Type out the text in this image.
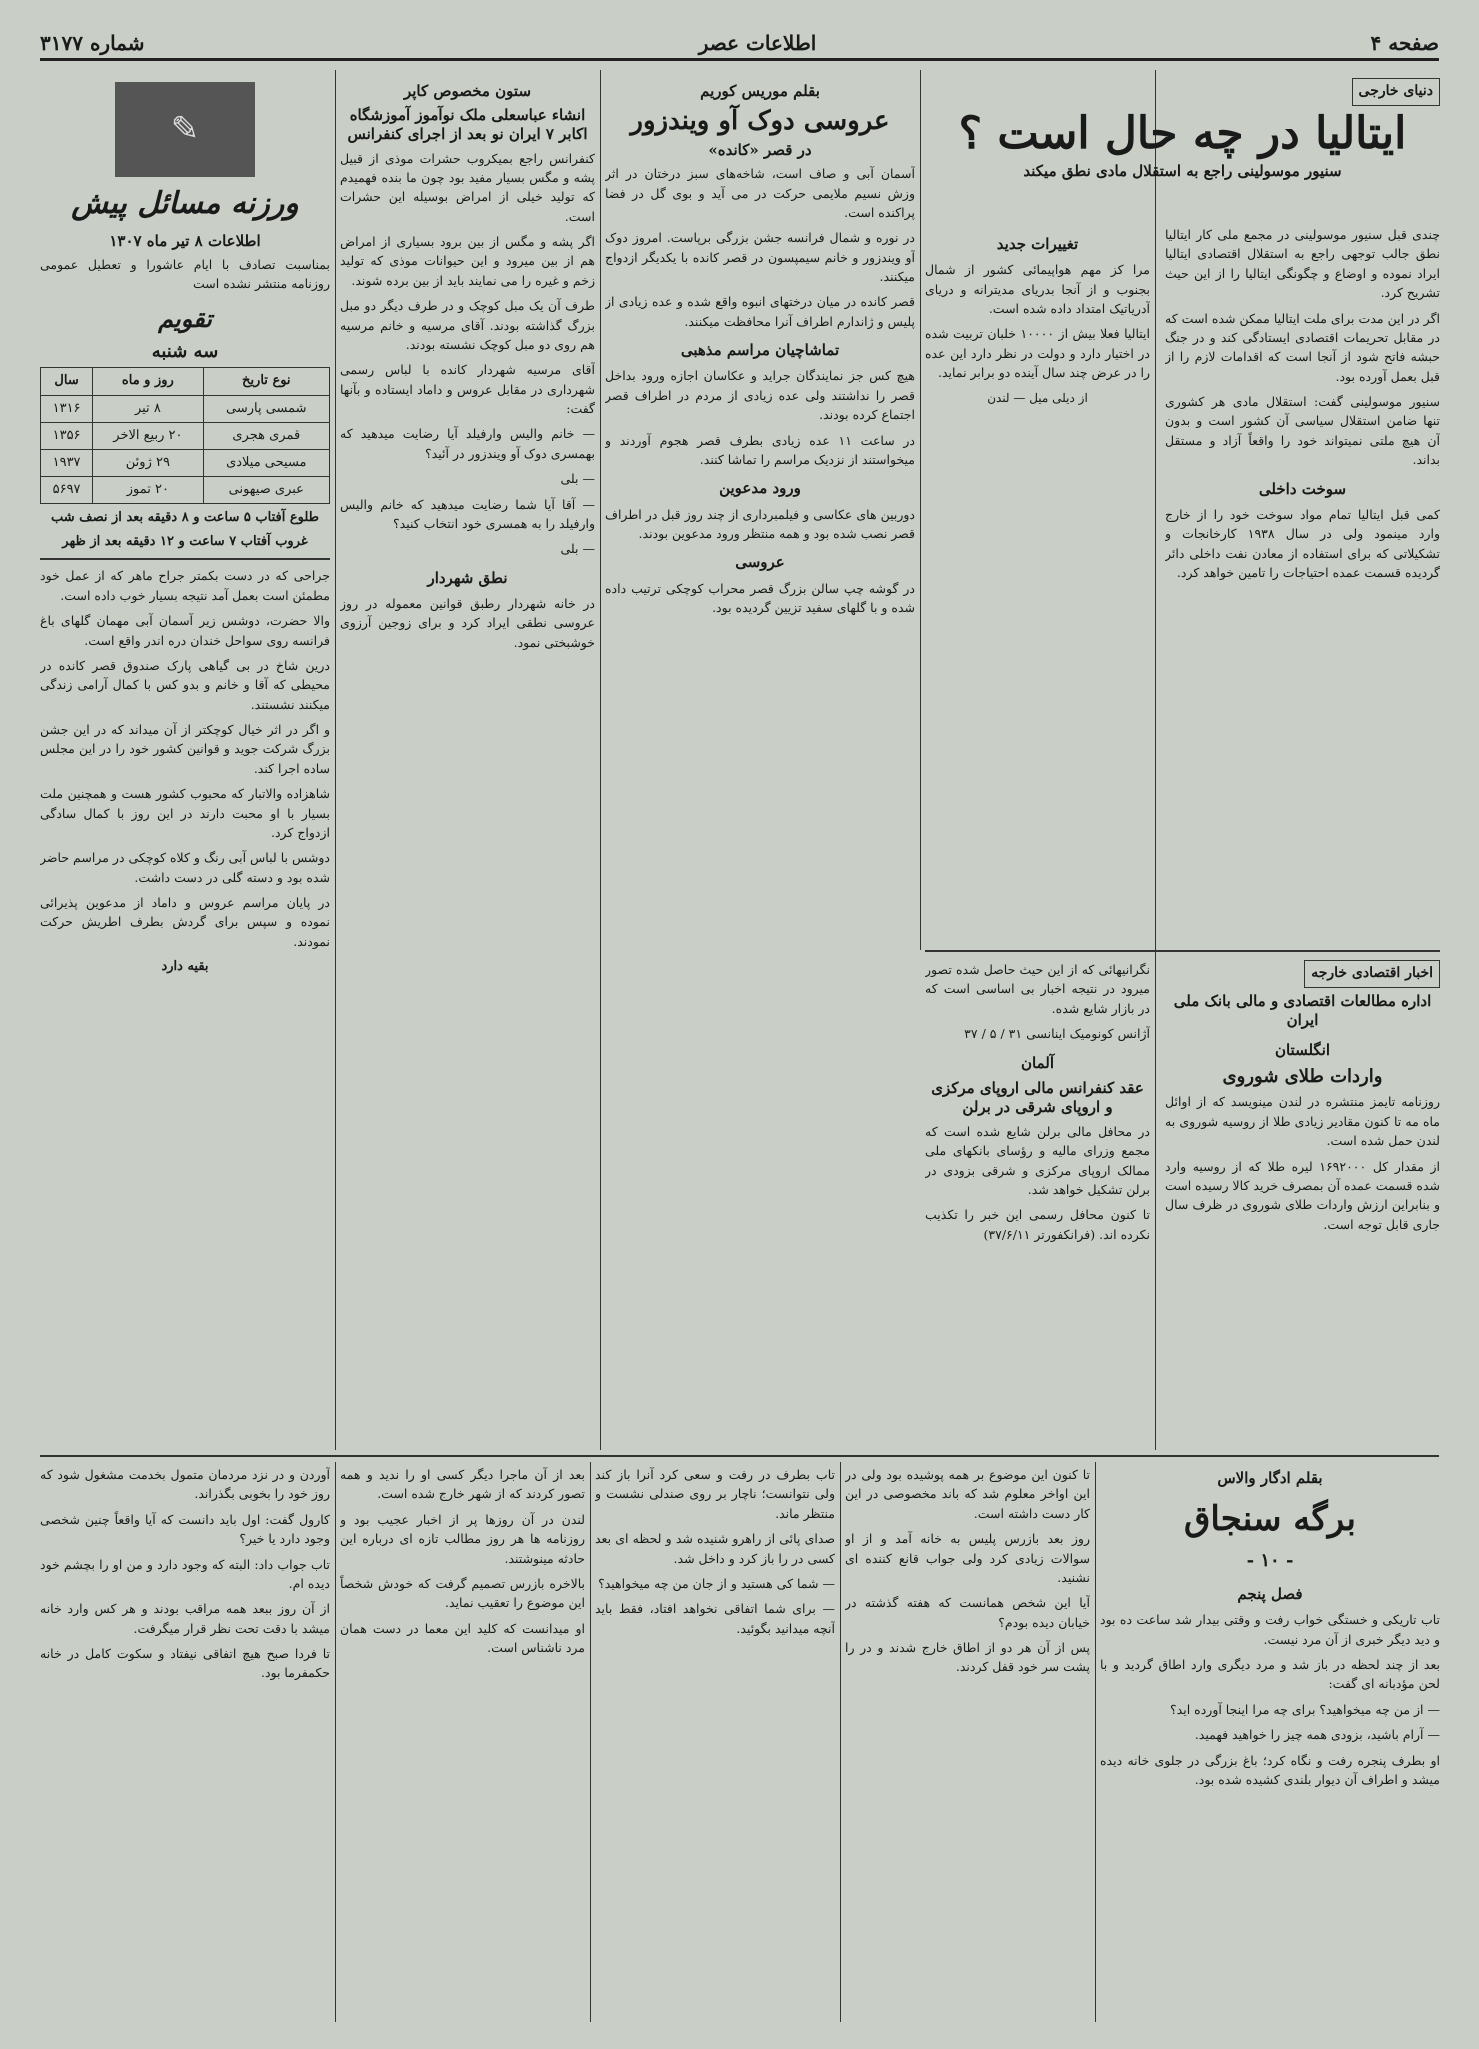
صفحه ۴
اطلاعات عصر
شماره ۳۱۷۷
دنیای خارجی
ایتالیا در چه حال است ؟
سنیور موسولینی راجع به استقلال مادی نطق میکند

چندی قبل سنیور موسولینی در مجمع ملی کار ایتالیا نطق جالب توجهی راجع به استقلال اقتصادی ایتالیا ایراد نموده و اوضاع و چگونگی ایتالیا را از این حیث تشریح کرد.

اگر در این مدت برای ملت ایتالیا ممکن شده است که در مقابل تحریمات اقتصادی ایستادگی کند و در جنگ حبشه فاتح شود از آنجا است که اقدامات لازم را از قبل بعمل آورده بود.

سنیور موسولینی گفت: استقلال مادی هر کشوری تنها ضامن استقلال سیاسی آن کشور است و بدون آن هیچ ملتی نمیتواند خود را واقعاً آزاد و مستقل بداند.

سوخت داخلی

کمی قبل ایتالیا تمام مواد سوخت خود را از خارج وارد مینمود ولی در سال ۱۹۳۸ کارخانجات و تشکیلاتی که برای استفاده از معادن نفت داخلی دائر گردیده قسمت عمده احتیاجات را تامین خواهد کرد.

تغییرات جدید

مرا کز مهم هواپیمائی کشور از شمال بجنوب و از آنجا بدریای مدیترانه و دریای آدریاتیک امتداد داده شده است.

ایتالیا فعلا بیش از ۱۰۰۰۰ خلبان تربیت شده در اختیار دارد و دولت در نظر دارد این عده را در عرض چند سال آینده دو برابر نماید.

از دیلی میل — لندن
اخبار اقتصادی خارجه
اداره مطالعات اقتصادی و مالی بانک ملی ایران
انگلستان
واردات طلای شوروی

روزنامه تایمز منتشره در لندن مینویسد که از اوائل ماه مه تا کنون مقادیر زیادی طلا از روسیه شوروی به لندن حمل شده است.

از مقدار کل ۱۶۹۲۰۰۰ لیره طلا که از روسیه وارد شده قسمت عمده آن بمصرف خرید کالا رسیده است و بنابراین ارزش واردات طلای شوروی در ظرف سال جاری قابل توجه است.

نگرانیهائی که از این حیث حاصل شده تصور میرود در نتیجه اخبار بی اساسی است که در بازار شایع شده.

آژانس کونومیک اینانسی ۳۱ / ۵ / ۳۷

آلمان
عقد کنفرانس مالی اروپای مرکزی و اروپای شرقی در برلن

در محافل مالی برلن شایع شده است که مجمع وزرای مالیه و رؤسای بانکهای ملی ممالک اروپای مرکزی و شرقی بزودی در برلن تشکیل خواهد شد.

تا کنون محافل رسمی این خبر را تکذیب نکرده اند. (فرانکفورتر ۳۷/۶/۱۱)

بقلم موریس کوریم
عروسی دوک آو ویندزور
در قصر «کانده»

آسمان آبی و صاف است، شاخه‌های سبز درختان در اثر وزش نسیم ملایمی حرکت در می آید و بوی گل در فضا پراکنده است.

در نوره و شمال فرانسه جشن بزرگی برپاست. امروز دوک آو ویندزور و خانم سیمپسون در قصر کانده با یکدیگر ازدواج میکنند.

قصر کانده در میان درختهای انبوه واقع شده و عده زیادی از پلیس و ژاندارم اطراف آنرا محافظت میکنند.

تماشاچیان مراسم مذهبی

هیچ کس جز نمایندگان جراید و عکاسان اجازه ورود بداخل قصر را نداشتند ولی عده زیادی از مردم در اطراف قصر اجتماع کرده بودند.

در ساعت ۱۱ عده زیادی بطرف قصر هجوم آوردند و میخواستند از نزدیک مراسم را تماشا کنند.

ورود مدعوین

دوربین های عکاسی و فیلمبرداری از چند روز قبل در اطراف قصر نصب شده بود و همه منتظر ورود مدعوین بودند.

عروسی

در گوشه چپ سالن بزرگ قصر محراب کوچکی ترتیب داده شده و با گلهای سفید تزیین گردیده بود.

ستون مخصوص کاپر
انشاء عباسعلی ملک نوآموز آموزشگاه اکابر ۷ ایران نو بعد از اجرای کنفرانس

کنفرانس راجع بمیکروب حشرات موذی از قبیل پشه و مگس بسیار مفید بود چون ما بنده فهمیدم که تولید خیلی از امراض بوسیله این حشرات است.

اگر پشه و مگس از بین برود بسیاری از امراض هم از بین میرود و این حیوانات موذی که تولید زخم و غیره را می نمایند باید از بین برده شوند.

طرف آن یک مبل کوچک و در طرف دیگر دو مبل بزرگ گذاشته بودند. آقای مرسیه و خانم مرسیه هم روی دو مبل کوچک نشسته بودند.

آقای مرسیه شهردار کانده با لباس رسمی شهرداری در مقابل عروس و داماد ایستاده و بآنها گفت:

— خانم والیس وارفیلد آیا رضایت میدهید که بهمسری دوک آو ویندزور در آئید؟

— بلی

— آقا آیا شما رضایت میدهید که خانم والیس وارفیلد را به همسری خود انتخاب کنید؟

— بلی

نطق شهردار

در خانه شهردار رطبق قوانین معموله در روز عروسی نطقی ایراد کرد و برای زوجین آرزوی خوشبختی نمود.

✎
ورزنه مسائل پیش
اطلاعات ۸ تیر ماه ۱۳۰۷

بمناسبت تصادف با ایام عاشورا و تعطیل عمومی روزنامه منتشر نشده است

تقویم
سه شنبه
نوع تاریخ	روز و ماه	سال
شمسی پارسی	۸ تیر	۱۳۱۶
قمری هجری	۲۰ ربیع الاخر	۱۳۵۶
مسیحی میلادی	۲۹ ژوئن	۱۹۳۷
عبری صیهونی	۲۰ تموز	۵۶۹۷
طلوع آفتاب ۵ ساعت و ۸ دقیقه بعد از نصف شب
غروب آفتاب ۷ ساعت و ۱۲ دقیقه بعد از ظهر

جراحی که در دست بکمتر جراح ماهر که از عمل خود مطمئن است بعمل آمد نتیجه بسیار خوب داده است.

والا حضرت، دوشس زیر آسمان آبی مهمان گلهای باغ فرانسه روی سواحل خندان دره اندر واقع است.

درین شاخ در بی گیاهی پارک صندوق قصر کانده در محیطی که آقا و خانم و بدو کس با کمال آرامی زندگی میکنند نشستند.

و اگر در اثر خیال کوچکتر از آن میداند که در این جشن بزرگ شرکت جوید و قوانین کشور خود را در این مجلس ساده اجرا کند.

شاهزاده والاتبار که محبوب کشور هست و همچنین ملت بسیار با او محبت دارند در این روز با کمال سادگی ازدواج کرد.

دوشس با لباس آبی رنگ و کلاه کوچکی در مراسم حاضر شده بود و دسته گلی در دست داشت.

در پایان مراسم عروس و داماد از مدعوین پذیرائی نموده و سپس برای گردش بطرف اطریش حرکت نمودند.

بقیه دارد
بقلم ادگار والاس
برگه سنجاق
- ۱۰ -
فصل پنجم

تاب تاریکی و خستگی خواب رفت و وقتی بیدار شد ساعت ده بود و دید دیگر خبری از آن مرد نیست.

بعد از چند لحظه در باز شد و مرد دیگری وارد اطاق گردید و با لحن مؤدبانه ای گفت:

— از من چه میخواهید؟ برای چه مرا اینجا آورده اید؟

— آرام باشید، بزودی همه چیز را خواهید فهمید.

او بطرف پنجره رفت و نگاه کرد؛ باغ بزرگی در جلوی خانه دیده میشد و اطراف آن دیوار بلندی کشیده شده بود.

تا کنون این موضوع بر همه پوشیده بود ولی در این اواخر معلوم شد که باند مخصوصی در این کار دست داشته است.

روز بعد بازرس پلیس به خانه آمد و از او سوالات زیادی کرد ولی جواب قانع کننده ای نشنید.

آیا این شخص همانست که هفته گذشته در خیابان دیده بودم؟

پس از آن هر دو از اطاق خارج شدند و در را پشت سر خود قفل کردند.

تاب بطرف در رفت و سعی کرد آنرا باز کند ولی نتوانست؛ ناچار بر روی صندلی نشست و منتظر ماند.

صدای پائی از راهرو شنیده شد و لحظه ای بعد کسی در را باز کرد و داخل شد.

— شما کی هستید و از جان من چه میخواهید؟

— برای شما اتفاقی نخواهد افتاد، فقط باید آنچه میدانید بگوئید.

بعد از آن ماجرا دیگر کسی او را ندید و همه تصور کردند که از شهر خارج شده است.

لندن در آن روزها پر از اخبار عجیب بود و روزنامه ها هر روز مطالب تازه ای درباره این حادثه مینوشتند.

بالاخره بازرس تصمیم گرفت که خودش شخصاً این موضوع را تعقیب نماید.

او میدانست که کلید این معما در دست همان مرد ناشناس است.

آوردن و در نزد مردمان متمول بخدمت مشغول شود که روز خود را بخوبی بگذراند.

کارول گفت: اول باید دانست که آیا واقعاً چنین شخصی وجود دارد یا خیر؟

تاب جواب داد: البته که وجود دارد و من او را بچشم خود دیده ام.

از آن روز ببعد همه مراقب بودند و هر کس وارد خانه میشد با دقت تحت نظر قرار میگرفت.

تا فردا صبح هیچ اتفاقی نیفتاد و سکوت کامل در خانه حکمفرما بود.
